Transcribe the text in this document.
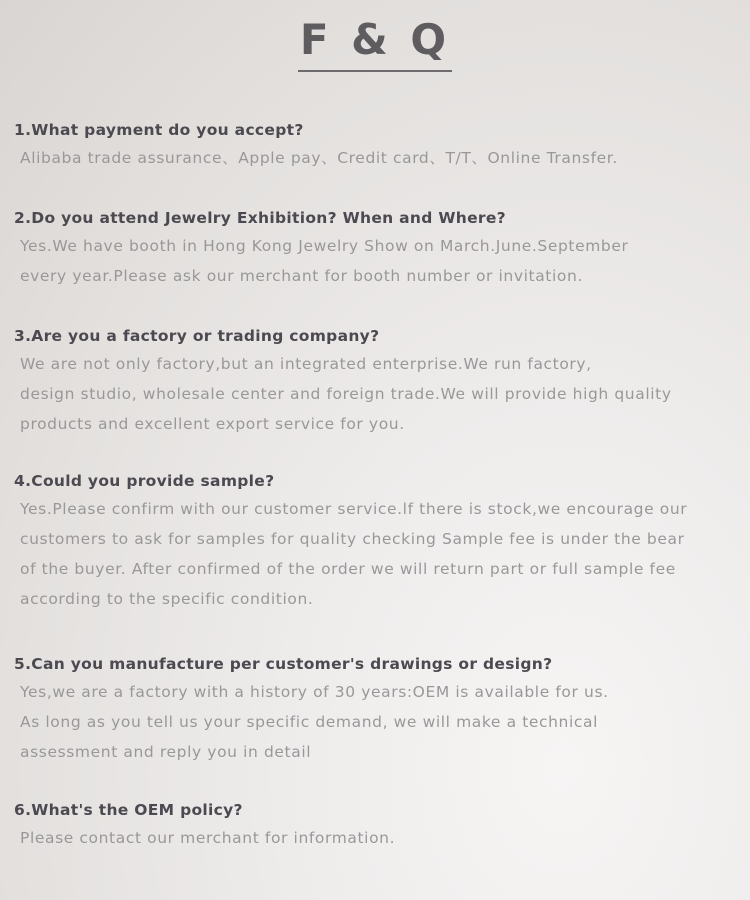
F & Q
1.What payment do you accept?
Alibaba trade assurance、Apple pay、Credit card、T/T、Online Transfer.
2.Do you attend Jewelry Exhibition? When and Where?
Yes.We have booth in Hong Kong Jewelry Show on March.June.September
every year.Please ask our merchant for booth number or invitation.
3.Are you a factory or trading company?
We are not only factory,but an integrated enterprise.We run factory,
design studio, wholesale center and foreign trade.We will provide high quality
products and excellent export service for you.
4.Could you provide sample?
Yes.Please confirm with our customer service.lf there is stock,we encourage our
customers to ask for samples for quality checking Sample fee is under the bear
of the buyer. After confirmed of the order we will return part or full sample fee
according to the specific condition.
5.Can you manufacture per customer's drawings or design?
Yes,we are a factory with a history of 30 years:OEM is available for us.
As long as you tell us your specific demand, we will make a technical
assessment and reply you in detail
6.What's the OEM policy?
Please contact our merchant for information.
